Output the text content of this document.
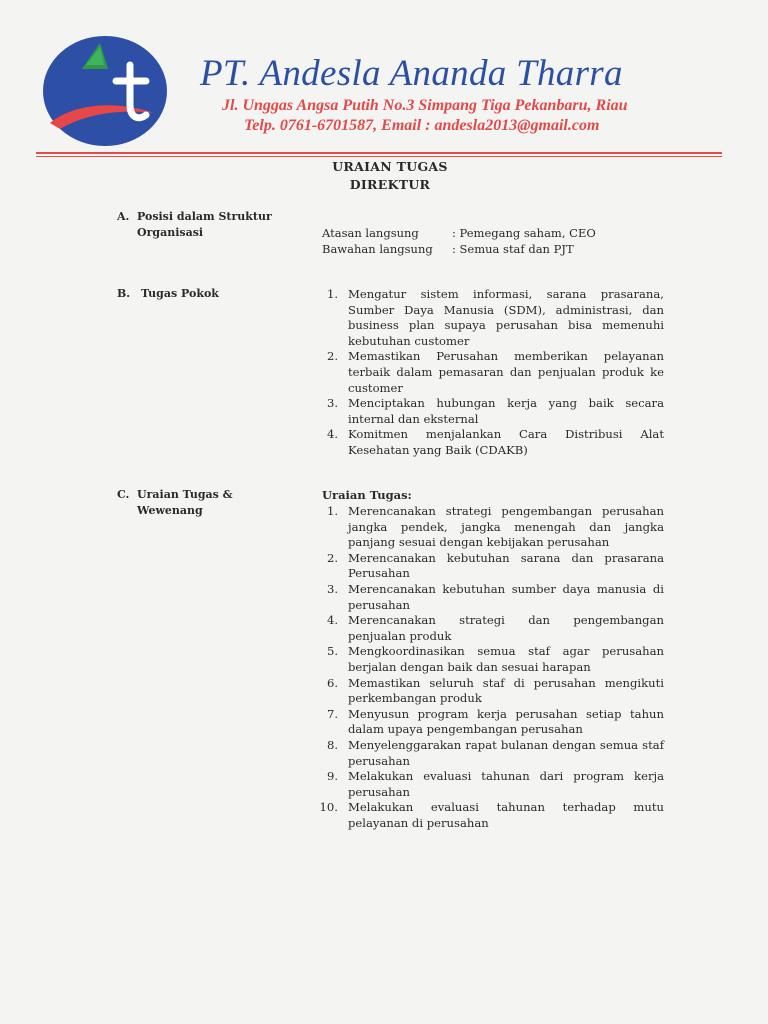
PT. Andesla Ananda Tharra
Jl. Unggas Angsa Putih No.3 Simpang Tiga Pekanbaru, Riau
Telp. 0761-6701587, Email : andesla2013@gmail.com
URAIAN TUGAS
DIREKTUR
A. Posisi dalam Struktur Organisasi	Atasan langsung	: Pemegang saham, CEO
Bawahan langsung : Semua staf dan PJT
B. Tugas Pokok	1. Mengatur sistem informasi, sarana prasarana, Sumber Daya Manusia (SDM), administrasi, dan business plan supaya perusahan bisa memenuhi kebutuhan customer
2. Memastikan Perusahan memberikan pelayanan terbaik dalam pemasaran dan penjualan produk ke customer
3. Menciptakan hubungan kerja yang baik secara internal dan eksternal
4. Komitmen menjalankan Cara Distribusi Alat Kesehatan yang Baik (CDAKB)
C. Uraian Tugas & Wewenang
Uraian Tugas:
1. Merencanakan strategi pengembangan perusahan jangka pendek, jangka menengah dan jangka panjang sesuai dengan kebijakan perusahan
2. Merencanakan kebutuhan sarana dan prasarana Perusahan
3. Merencanakan kebutuhan sumber daya manusia di perusahan
4. Merencanakan strategi dan pengembangan penjualan produk
5. Mengkoordinasikan semua staf agar perusahan berjalan dengan baik dan sesuai harapan
6. Memastikan seluruh staf di perusahan mengikuti perkembangan produk
7. Menyusun program kerja perusahan setiap tahun dalam upaya pengembangan perusahan
8. Menyelenggarakan rapat bulanan dengan semua staf perusahan
9. Melakukan evaluasi tahunan dari program kerja perusahan
10. Melakukan evaluasi tahunan terhadap mutu pelayanan di perusahan
